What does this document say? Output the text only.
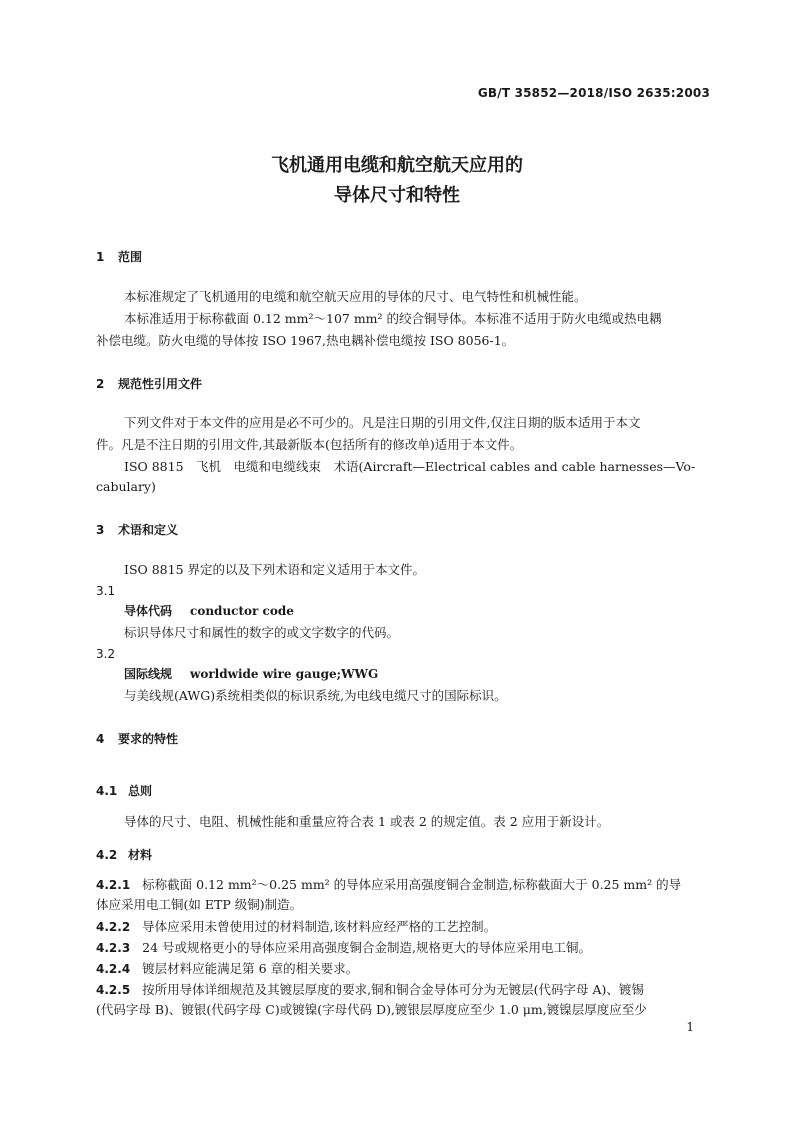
GB/T 35852—2018/ISO 2635:2003
飞机通用电缆和航空航天应用的
导体尺寸和特性
1 范围
本标准规定了飞机通用的电缆和航空航天应用的导体的尺寸、电气特性和机械性能。
本标准适用于标称截面 0.12 mm²～107 mm² 的绞合铜导体。本标准不适用于防火电缆或热电耦
补偿电缆。防火电缆的导体按 ISO 1967,热电耦补偿电缆按 ISO 8056-1。
2 规范性引用文件
下列文件对于本文件的应用是必不可少的。凡是注日期的引用文件,仅注日期的版本适用于本文
件。凡是不注日期的引用文件,其最新版本(包括所有的修改单)适用于本文件。
ISO 8815　飞机　电缆和电缆线束　术语(Aircraft—Electrical cables and cable harnesses—Vo-
cabulary)
3 术语和定义
ISO 8815 界定的以及下列术语和定义适用于本文件。
3.1
导体代码 conductor code
标识导体尺寸和属性的数字的或文字数字的代码。
3.2
国际线规 worldwide wire gauge;WWG
与美线规(AWG)系统相类似的标识系统,为电线电缆尺寸的国际标识。
4 要求的特性
4.1 总则
导体的尺寸、电阻、机械性能和重量应符合表 1 或表 2 的规定值。表 2 应用于新设计。
4.2 材料
4.2.1 标称截面 0.12 mm²～0.25 mm² 的导体应采用高强度铜合金制造,标称截面大于 0.25 mm² 的导
体应采用电工铜(如 ETP 级铜)制造。
4.2.2 导体应采用未曾使用过的材料制造,该材料应经严格的工艺控制。
4.2.3 24 号或规格更小的导体应采用高强度铜合金制造,规格更大的导体应采用电工铜。
4.2.4 镀层材料应能满足第 6 章的相关要求。
4.2.5 按所用导体详细规范及其镀层厚度的要求,铜和铜合金导体可分为无镀层(代码字母 A)、镀锡
(代码字母 B)、镀银(代码字母 C)或镀镍(字母代码 D),镀银层厚度应至少 1.0 μm,镀镍层厚度应至少
1
